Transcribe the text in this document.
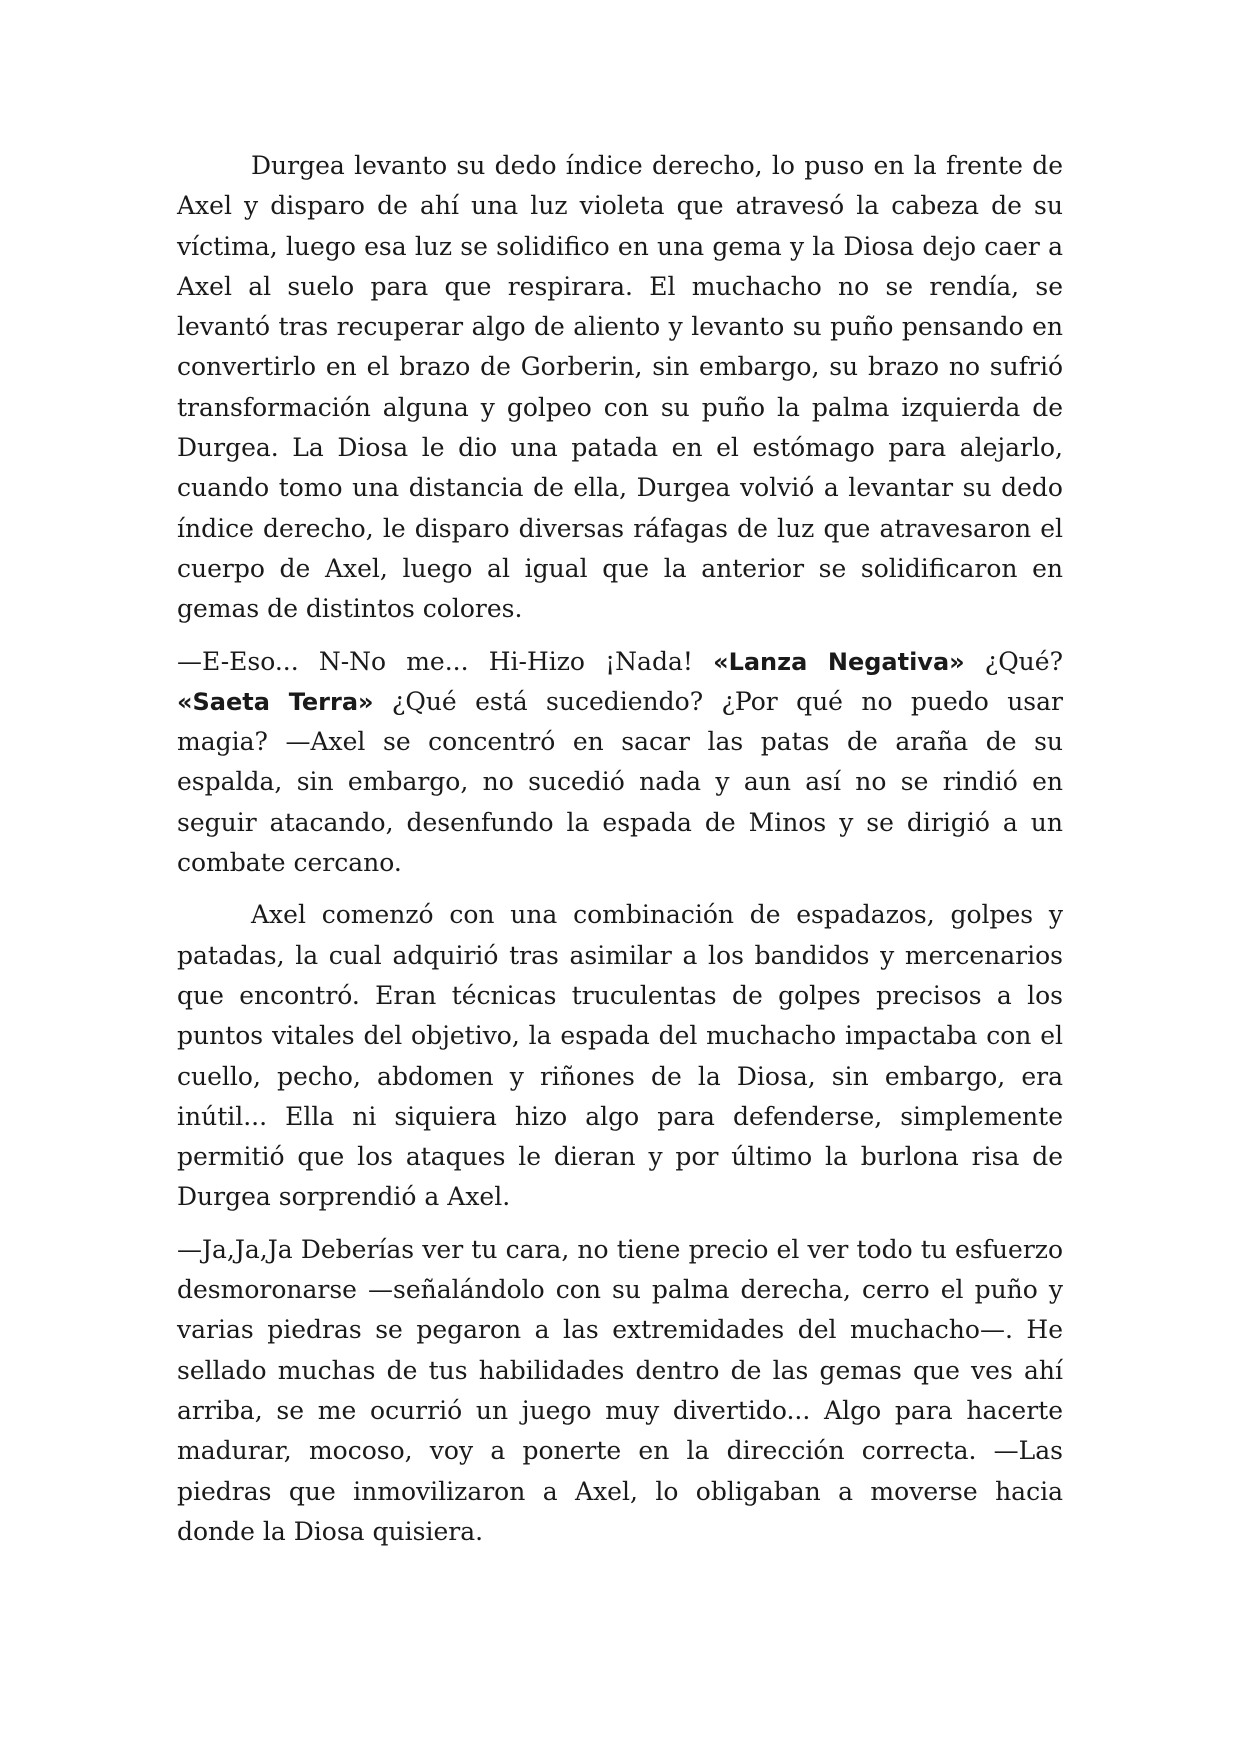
Durgea levanto su dedo índice derecho, lo puso en la frente de Axel y disparo de ahí una luz violeta que atravesó la cabeza de su víctima, luego esa luz se solidifico en una gema y la Diosa dejo caer a Axel al suelo para que respirara. El muchacho no se rendía, se levantó tras recuperar algo de aliento y levanto su puño pensando en convertirlo en el brazo de Gorberin, sin embargo, su brazo no sufrió transformación alguna y golpeo con su puño la palma izquierda de Durgea. La Diosa le dio una patada en el estómago para alejarlo, cuando tomo una distancia de ella, Durgea volvió a levantar su dedo índice derecho, le disparo diversas ráfagas de luz que atravesaron el cuerpo de Axel, luego al igual que la anterior se solidificaron en gemas de distintos colores.

—E-Eso... N-No me... Hi-Hizo ¡Nada! «Lanza Negativa» ¿Qué? «Saeta Terra» ¿Qué está sucediendo? ¿Por qué no puedo usar magia? —Axel se concentró en sacar las patas de araña de su espalda, sin embargo, no sucedió nada y aun así no se rindió en seguir atacando, desenfundo la espada de Minos y se dirigió a un combate cercano.

Axel comenzó con una combinación de espadazos, golpes y patadas, la cual adquirió tras asimilar a los bandidos y mercenarios que encontró. Eran técnicas truculentas de golpes precisos a los puntos vitales del objetivo, la espada del muchacho impactaba con el cuello, pecho, abdomen y riñones de la Diosa, sin embargo, era inútil... Ella ni siquiera hizo algo para defenderse, simplemente permitió que los ataques le dieran y por último la burlona risa de Durgea sorprendió a Axel.

—Ja,Ja,Ja Deberías ver tu cara, no tiene precio el ver todo tu esfuerzo desmoronarse —señalándolo con su palma derecha, cerro el puño y varias piedras se pegaron a las extremidades del muchacho—. He sellado muchas de tus habilidades dentro de las gemas que ves ahí arriba, se me ocurrió un juego muy divertido... Algo para hacerte madurar, mocoso, voy a ponerte en la dirección correcta. —Las piedras que inmovilizaron a Axel, lo obligaban a moverse hacia donde la Diosa quisiera.
